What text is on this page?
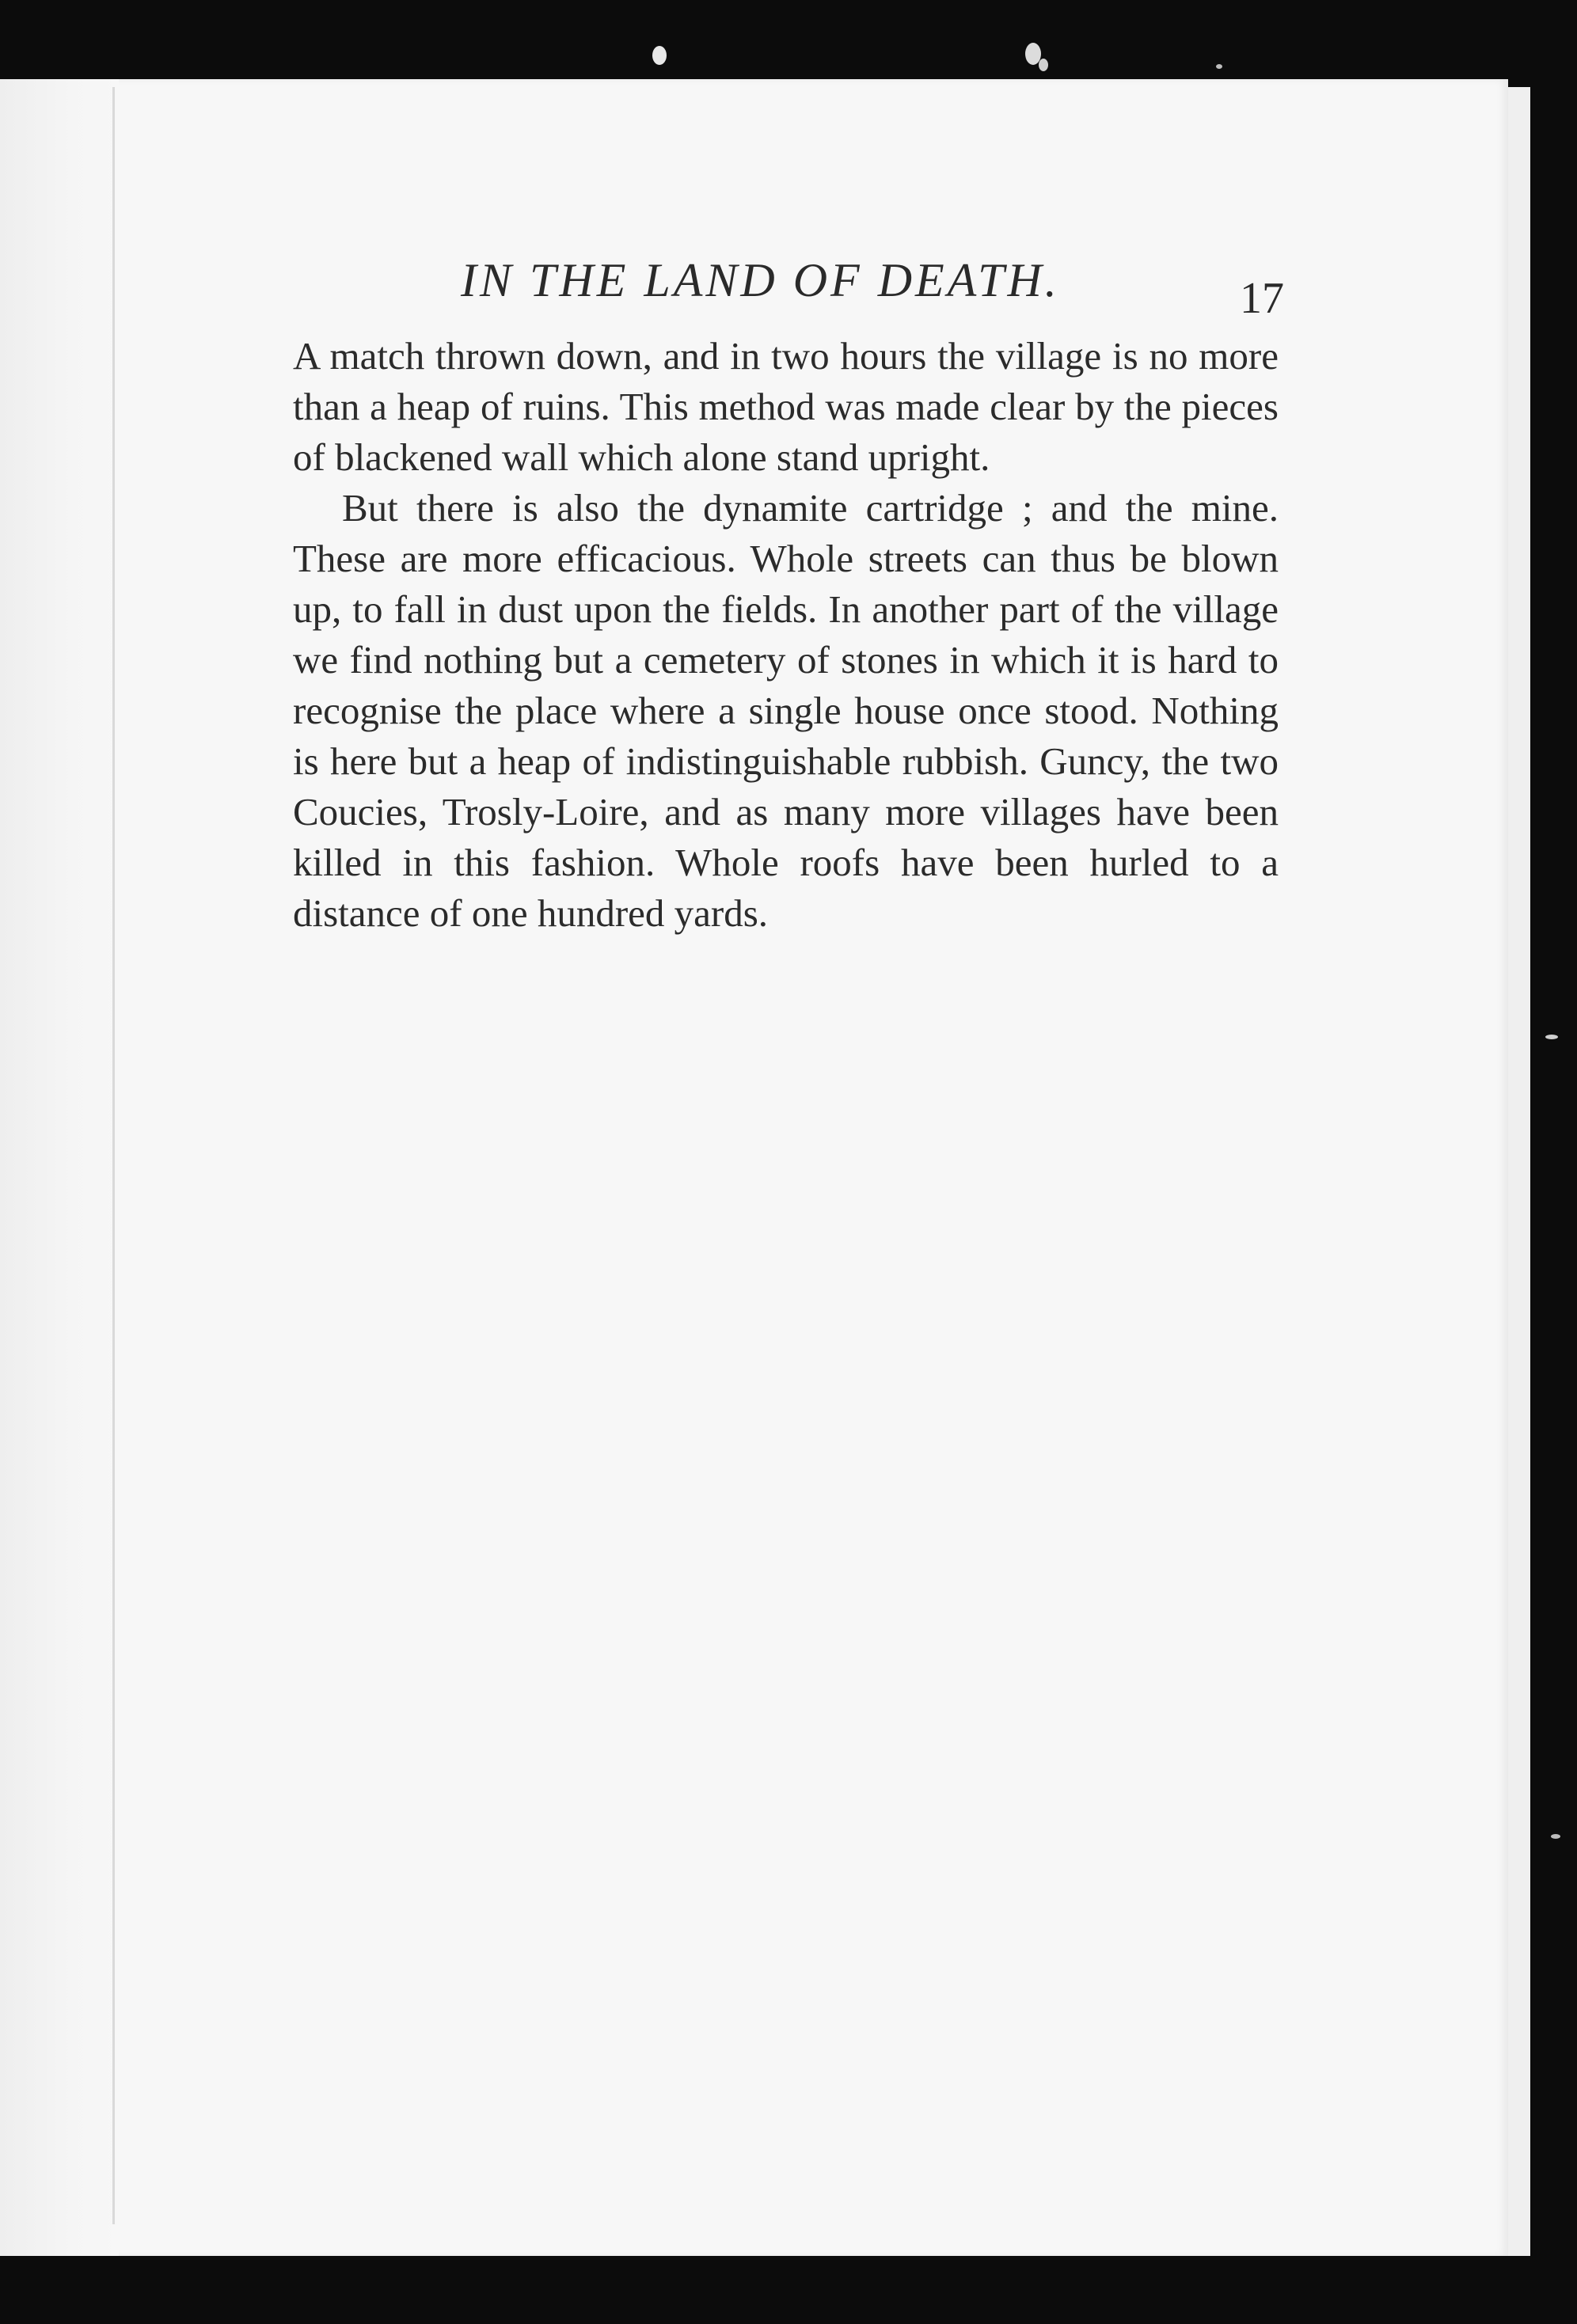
IN THE LAND OF DEATH.	17

A match thrown down, and in two hours the village is no more than a heap of ruins. This method was made clear by the pieces of blackened wall which alone stand upright.

But there is also the dynamite cartridge ; and the mine. These are more efficacious. Whole streets can thus be blown up, to fall in dust upon the fields. In another part of the village we find nothing but a cemetery of stones in which it is hard to recognise the place where a single house once stood. Nothing is here but a heap of indistinguishable rubbish. Guncy, the two Coucies, Trosly-Loire, and as many more villages have been killed in this fashion. Whole roofs have been hurled to a distance of one hundred yards.
